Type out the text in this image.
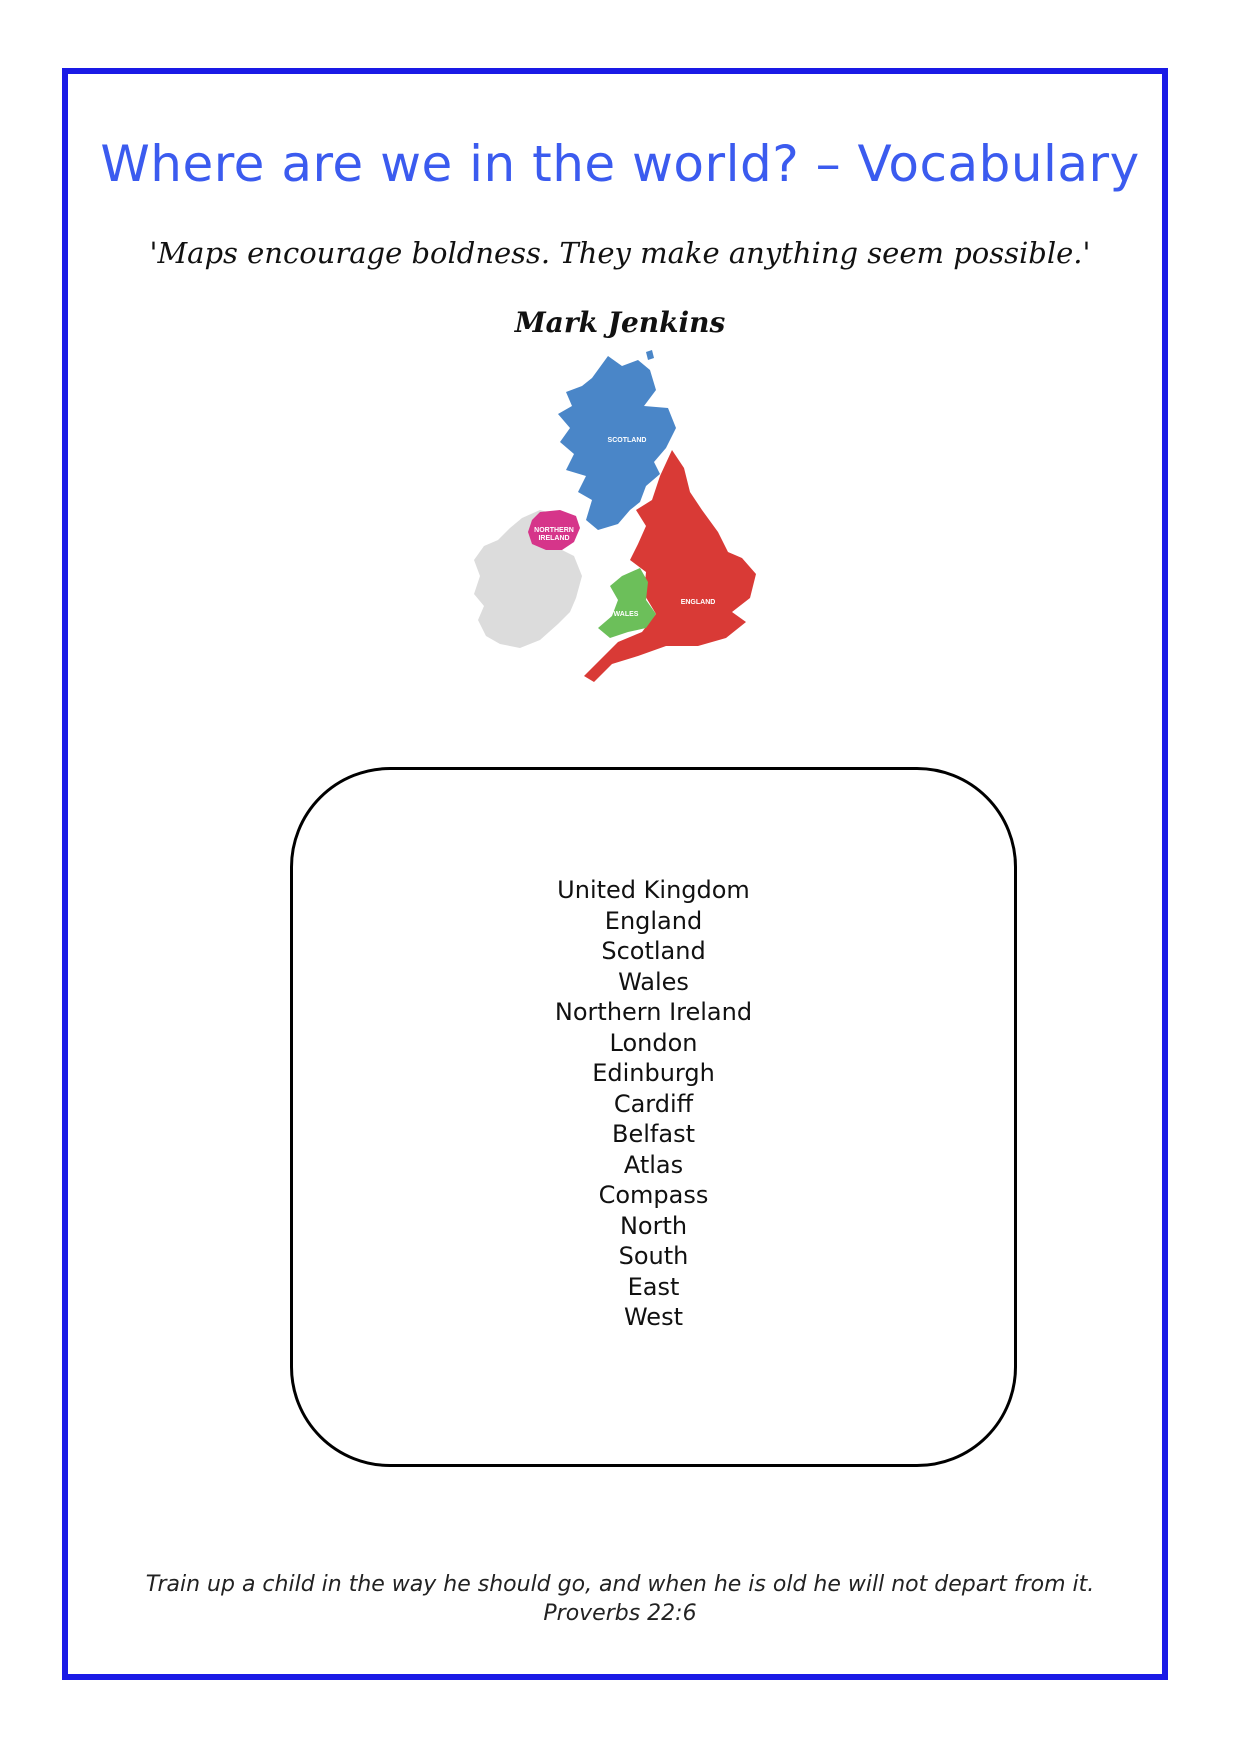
Where are we in the world? – Vocabulary
'Maps encourage boldness. They make anything seem possible.'
Mark Jenkins
SCOTLAND
NORTHERN
IRELAND
WALES
ENGLAND
United Kingdom
England
Scotland
Wales
Northern Ireland
London
Edinburgh
Cardiff
Belfast
Atlas
Compass
North
South
East
West
Train up a child in the way he should go, and when he is old he will not depart from it.
Proverbs 22:6
